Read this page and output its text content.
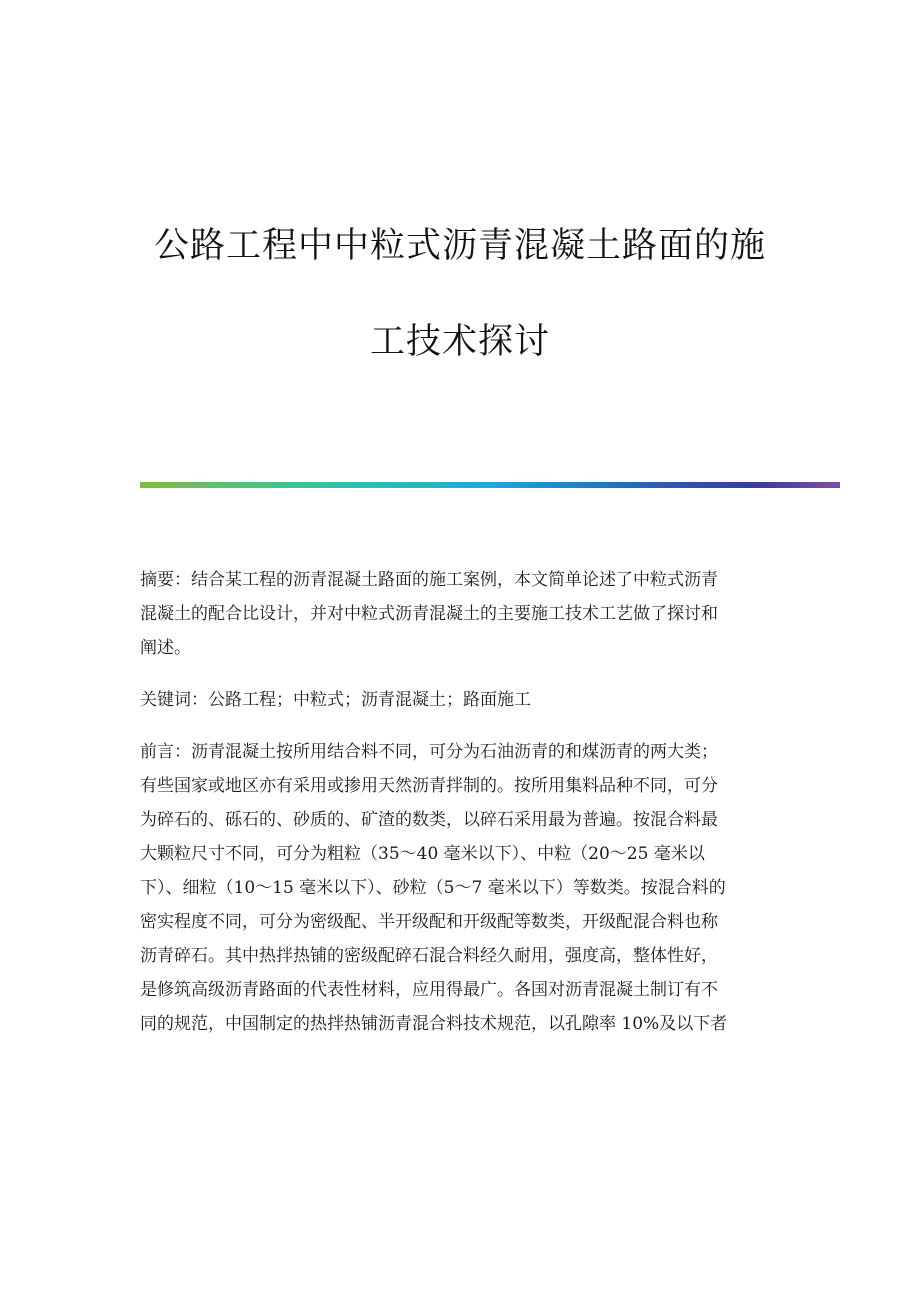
公路工程中中粒式沥青混凝土路面的施
工技术探讨

摘要：结合某工程的沥青混凝土路面的施工案例，本文简单论述了中粒式沥青
混凝土的配合比设计，并对中粒式沥青混凝土的主要施工技术工艺做了探讨和
阐述。

关键词：公路工程；中粒式；沥青混凝土；路面施工

前言：沥青混凝土按所用结合料不同，可分为石油沥青的和煤沥青的两大类；
有些国家或地区亦有采用或掺用天然沥青拌制的。按所用集料品种不同，可分
为碎石的、砾石的、砂质的、矿渣的数类，以碎石采用最为普遍。按混合料最
大颗粒尺寸不同，可分为粗粒（35～40 毫米以下）、中粒（20～25 毫米以
下）、细粒（10～15 毫米以下）、砂粒（5～7 毫米以下）等数类。按混合料的
密实程度不同，可分为密级配、半开级配和开级配等数类，开级配混合料也称
沥青碎石。其中热拌热铺的密级配碎石混合料经久耐用，强度高，整体性好，
是修筑高级沥青路面的代表性材料，应用得最广。各国对沥青混凝土制订有不
同的规范，中国制定的热拌热铺沥青混合料技术规范，以孔隙率 10%及以下者
